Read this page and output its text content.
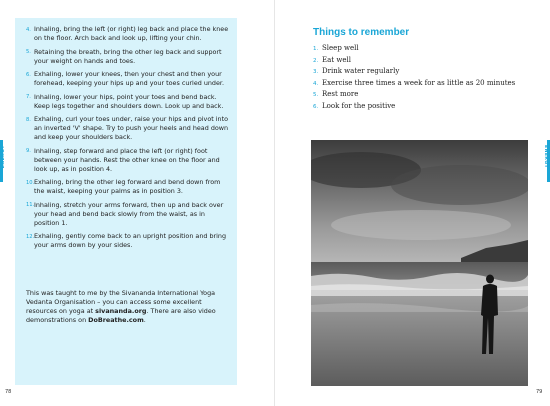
4. Inhaling, bring the left (or right) leg back and place the knee on the floor. Arch back and look up, lifting your chin.
5. Retaining the breath, bring the other leg back and support your weight on hands and toes.
6. Exhaling, lower your knees, then your chest and then your forehead, keeping your hips up and your toes curled under.
7. Inhaling, lower your hips, point your toes and bend back. Keep legs together and shoulders down. Look up and back.
8. Exhaling, curl your toes under, raise your hips and pivot into an inverted 'V' shape. Try to push your heels and head down and keep your shoulders back.
9. Inhaling, step forward and place the left (or right) foot between your hands. Rest the other knee on the floor and look up, as in position 4.
10. Exhaling, bring the other leg forward and bend down from the waist, keeping your palms as in position 3.
11. Inhaling, stretch your arms forward, then up and back over your head and bend back slowly from the waist, as in position 1.
12. Exhaling, gently come back to an upright position and bring your arms down by your sides.

This was taught to me by the Sivananda International Yoga Vedanta Organisation – you can access some excellent resources on yoga at sivananda.org. There are also video demonstrations on DoBreathe.com.

ENERGY
78
Things to remember
1. Sleep well
2. Eat well
3. Drink water regularly
4. Exercise three times a week for as little as 20 minutes
5. Rest more
6. Look for the positive
ENERGY
79
